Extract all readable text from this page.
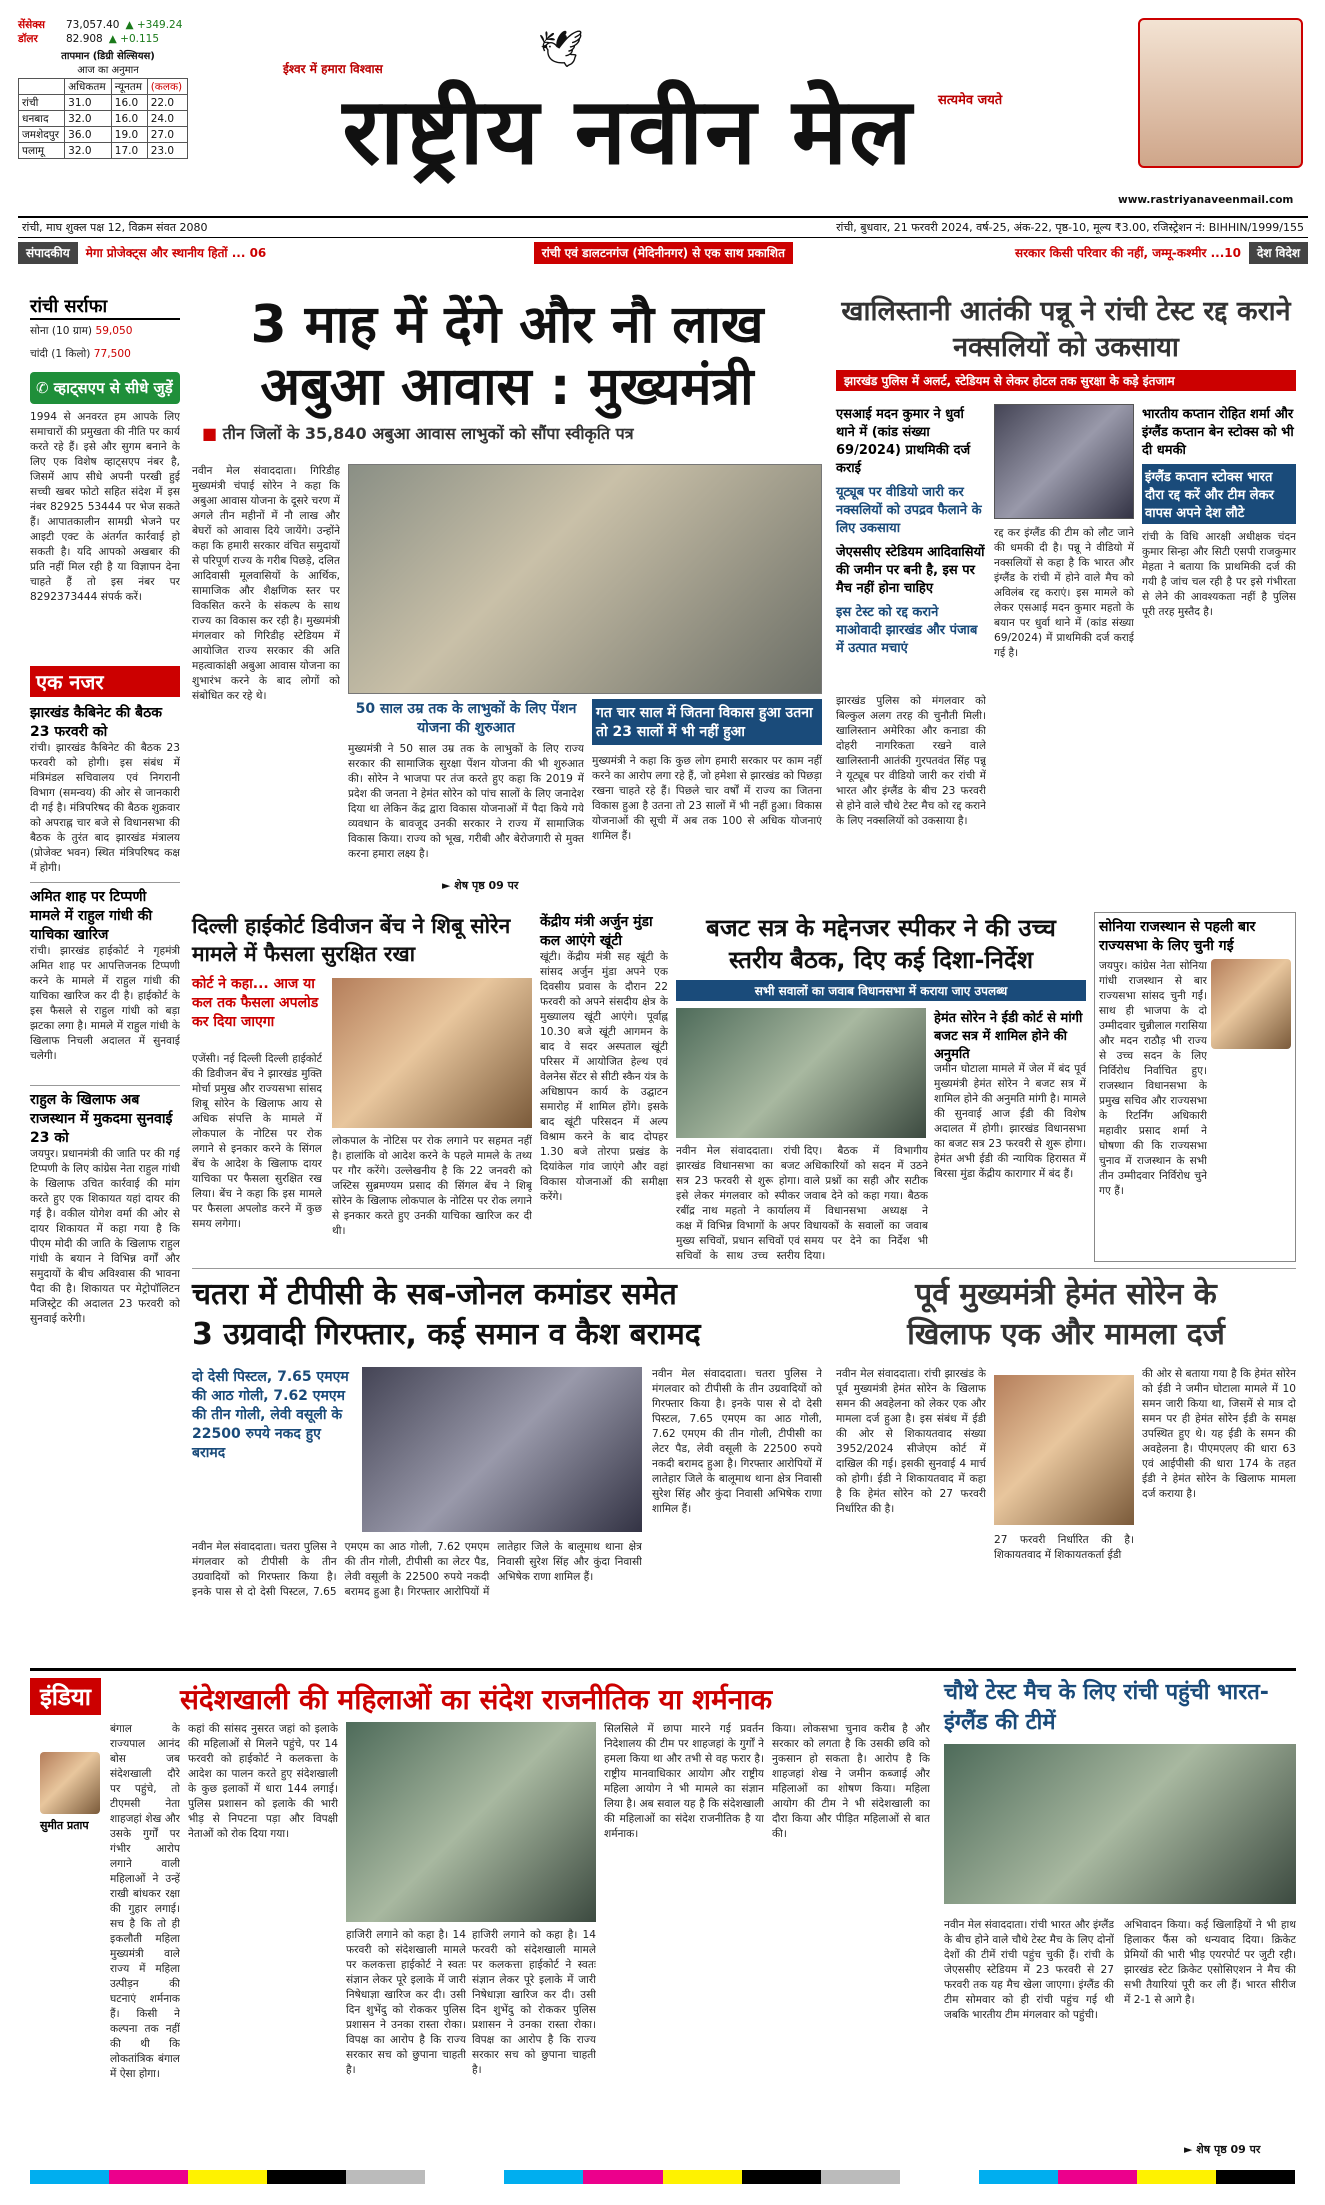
सेंसेक्स	73,057.40 ▲ +349.24
डॉलर	82.908 ▲ +0.115
तापमान (डिग्री सेल्सियस)
आज का अनुमान
	अधिकतम	न्यूनतम	(कलक)
रांची	31.0	16.0	22.0
धनबाद	32.0	16.0	24.0
जमशेदपुर	36.0	19.0	27.0
पलामू	32.0	17.0	23.0
🕊
ईश्वर में हमारा विश्वास
सत्यमेव जयते
राष्ट्रीय नवीन मेल
www.rastriyanaveenmail.com
रांची, माघ शुक्ल पक्ष 12, विक्रम संवत 2080	रांची, बुधवार, 21 फरवरी 2024, वर्ष-25, अंक-22, पृष्ठ-10, मूल्य ₹3.00, रजिस्ट्रेशन नं: BIHHIN/1999/155
संपादकीय	मेगा प्रोजेक्ट्स और स्थानीय हितों ... 06	रांची एवं डालटनगंज (मेदिनीनगर) से एक साथ प्रकाशित	सरकार किसी परिवार की नहीं, जम्मू-कश्मीर ...10	देश विदेश
रांची सर्राफा
सोना (10 ग्राम) 59,050
चांदी (1 किलो) 77,500
✆ व्हाट्सएप से सीधे जुड़ें
1994 से अनवरत हम आपके लिए समाचारों की प्रमुखता की नीति पर कार्य करते रहे हैं। इसे और सुगम बनाने के लिए एक विशेष व्हाट्सएप नंबर है, जिसमें आप सीधे अपनी परखी हुई सच्ची खबर फोटो सहित संदेश में इस नंबर 82925 53444 पर भेज सकते हैं। आपातकालीन सामग्री भेजने पर आइटी एक्ट के अंतर्गत कार्रवाई हो सकती है। यदि आपको अखबार की प्रति नहीं मिल रही है या विज्ञापन देना चाहते हैं तो इस नंबर पर 8292373444 संपर्क करें।
एक नजर
झारखंड कैबिनेट की बैठक 23 फरवरी को
रांची। झारखंड कैबिनेट की बैठक 23 फरवरी को होगी। इस संबंध में मंत्रिमंडल सचिवालय एवं निगरानी विभाग (समन्वय) की ओर से जानकारी दी गई है। मंत्रिपरिषद की बैठक शुक्रवार को अपराह्न चार बजे से विधानसभा की बैठक के तुरंत बाद झारखंड मंत्रालय (प्रोजेक्ट भवन) स्थित मंत्रिपरिषद कक्ष में होगी।
अमित शाह पर टिप्पणी मामले में राहुल गांधी की याचिका खारिज
रांची। झारखंड हाईकोर्ट ने गृहमंत्री अमित शाह पर आपत्तिजनक टिप्पणी करने के मामले में राहुल गांधी की याचिका खारिज कर दी है। हाईकोर्ट के इस फैसले से राहुल गांधी को बड़ा झटका लगा है। मामले में राहुल गांधी के खिलाफ निचली अदालत में सुनवाई चलेगी।
राहुल के खिलाफ अब राजस्थान में मुकदमा सुनवाई 23 को
जयपुर। प्रधानमंत्री की जाति पर की गई टिप्पणी के लिए कांग्रेस नेता राहुल गांधी के खिलाफ उचित कार्रवाई की मांग करते हुए एक शिकायत यहां दायर की गई है। वकील योगेश वर्मा की ओर से दायर शिकायत में कहा गया है कि पीएम मोदी की जाति के खिलाफ राहुल गांधी के बयान ने विभिन्न वर्गों और समुदायों के बीच अविश्वास की भावना पैदा की है। शिकायत पर मेट्रोपॉलिटन मजिस्ट्रेट की अदालत 23 फरवरी को सुनवाई करेगी।
3 माह में देंगे और नौ लाख
अबुआ आवास : मुख्यमंत्री
■ तीन जिलों के 35,840 अबुआ आवास लाभुकों को सौंपा स्वीकृति पत्र
नवीन मेल संवाददाता। गिरिडीह मुख्यमंत्री चंपाई सोरेन ने कहा कि अबुआ आवास योजना के दूसरे चरण में अगले तीन महीनों में नौ लाख और बेघरों को आवास दिये जायेंगे। उन्होंने कहा कि हमारी सरकार वंचित समुदायों से परिपूर्ण राज्य के गरीब पिछड़े, दलित आदिवासी मूलवासियों के आर्थिक, सामाजिक और शैक्षणिक स्तर पर विकसित करने के संकल्प के साथ राज्य का विकास कर रही है। मुख्यमंत्री मंगलवार को गिरिडीह स्टेडियम में आयोजित राज्य सरकार की अति महत्वाकांक्षी अबुआ आवास योजना का शुभारंभ करने के बाद लोगों को संबोधित कर रहे थे।
50 साल उम्र तक के लाभुकों के लिए पेंशन योजना की शुरुआत
गत चार साल में जितना विकास हुआ उतना तो 23 सालों में भी नहीं हुआ
मुख्यमंत्री ने 50 साल उम्र तक के लाभुकों के लिए राज्य सरकार की सामाजिक सुरक्षा पेंशन योजना की भी शुरुआत की। सोरेन ने भाजपा पर तंज करते हुए कहा कि 2019 में प्रदेश की जनता ने हेमंत सोरेन को पांच सालों के लिए जनादेश दिया था लेकिन केंद्र द्वारा विकास योजनाओं में पैदा किये गये व्यवधान के बावजूद उनकी सरकार ने राज्य में सामाजिक विकास किया। राज्य को भूख, गरीबी और बेरोजगारी से मुक्त करना हमारा लक्ष्य है।
मुख्यमंत्री ने कहा कि कुछ लोग हमारी सरकार पर काम नहीं करने का आरोप लगा रहे हैं, जो हमेशा से झारखंड को पिछड़ा रखना चाहते रहे हैं। पिछले चार वर्षों में राज्य का जितना विकास हुआ है उतना तो 23 सालों में भी नहीं हुआ। विकास योजनाओं की सूची में अब तक 100 से अधिक योजनाएं शामिल हैं।
► शेष पृष्ठ 09 पर
खालिस्तानी आतंकी पन्नू ने रांची टेस्ट रद्द कराने नक्सलियों को उकसाया
झारखंड पुलिस में अलर्ट, स्टेडियम से लेकर होटल तक सुरक्षा के कड़े इंतजाम
एसआई मदन कुमार ने धुर्वा थाने में (कांड संख्या 69/2024) प्राथमिकी दर्ज कराई
यूट्यूब पर वीडियो जारी कर नक्सलियों को उपद्रव फैलाने के लिए उकसाया
जेएससीए स्टेडियम आदिवासियों की जमीन पर बनी है, इस पर मैच नहीं होना चाहिए
इस टेस्ट को रद्द कराने माओवादी झारखंड और पंजाब में उत्पात मचाएं
झारखंड पुलिस को मंगलवार को बिल्कुल अलग तरह की चुनौती मिली। खालिस्तान अमेरिका और कनाडा की दोहरी नागरिकता रखने वाले खालिस्तानी आतंकी गुरपतवंत सिंह पन्नू ने यूट्यूब पर वीडियो जारी कर रांची में भारत और इंग्लैंड के बीच 23 फरवरी से होने वाले चौथे टेस्ट मैच को रद्द कराने के लिए नक्सलियों को उकसाया है।
रद्द कर इंग्लैंड की टीम को लौट जाने की धमकी दी है। पन्नू ने वीडियो में नक्सलियों से कहा है कि भारत और इंग्लैंड के रांची में होने वाले मैच को अविलंब रद्द कराएं। इस मामले को लेकर एसआई मदन कुमार महतो के बयान पर धुर्वा थाने में (कांड संख्या 69/2024) में प्राथमिकी दर्ज कराई गई है।
भारतीय कप्तान रोहित शर्मा और इंग्लैंड कप्तान बेन स्टोक्स को भी दी धमकी
इंग्लैंड कप्तान स्टोक्स भारत दौरा रद्द करें और टीम लेकर वापस अपने देश लौटे
रांची के विधि आरक्षी अधीक्षक चंदन कुमार सिन्हा और सिटी एसपी राजकुमार मेहता ने बताया कि प्राथमिकी दर्ज की गयी है जांच चल रही है पर इसे गंभीरता से लेने की आवश्यकता नहीं है पुलिस पूरी तरह मुस्तैद है।
दिल्ली हाईकोर्ट डिवीजन बेंच ने शिबू सोरेन मामले में फैसला सुरक्षित रखा
कोर्ट ने कहा... आज या कल तक फैसला अपलोड कर दिया जाएगा
एजेंसी। नई दिल्ली दिल्ली हाईकोर्ट की डिवीजन बेंच ने झारखंड मुक्ति मोर्चा प्रमुख और राज्यसभा सांसद शिबू सोरेन के खिलाफ आय से अधिक संपत्ति के मामले में लोकपाल के नोटिस पर रोक लगाने से इनकार करने के सिंगल बेंच के आदेश के खिलाफ दायर याचिका पर फैसला सुरक्षित रख लिया। बेंच ने कहा कि इस मामले पर फैसला अपलोड करने में कुछ समय लगेगा।
लोकपाल के नोटिस पर रोक लगाने पर सहमत नहीं है। हालांकि वो आदेश करने के पहले मामले के तथ्य पर गौर करेंगे। उल्लेखनीय है कि 22 जनवरी को जस्टिस सुब्रमण्यम प्रसाद की सिंगल बेंच ने शिबू सोरेन के खिलाफ लोकपाल के नोटिस पर रोक लगाने से इनकार करते हुए उनकी याचिका खारिज कर दी थी।
केंद्रीय मंत्री अर्जुन मुंडा कल आएंगे खूंटी
खूंटी। केंद्रीय मंत्री सह खूंटी के सांसद अर्जुन मुंडा अपने एक दिवसीय प्रवास के दौरान 22 फरवरी को अपने संसदीय क्षेत्र के मुख्यालय खूंटी आएंगे। पूर्वाह्न 10.30 बजे खूंटी आगमन के बाद वे सदर अस्पताल खूंटी परिसर में आयोजित हेल्थ एवं वेलनेस सेंटर से सीटी स्कैन यंत्र के अधिष्ठापन कार्य के उद्घाटन समारोह में शामिल होंगे। इसके बाद खूंटी परिसदन में अल्प विश्राम करने के बाद दोपहर 1.30 बजे तोरपा प्रखंड के दियांकेल गांव जाएंगे और वहां विकास योजनाओं की समीक्षा करेंगे।
बजट सत्र के मद्देनजर स्पीकर ने की उच्च स्तरीय बैठक, दिए कई दिशा-निर्देश
सभी सवालों का जवाब विधानसभा में कराया जाए उपलब्ध
नवीन मेल संवाददाता। रांची झारखंड विधानसभा का बजट सत्र 23 फरवरी से शुरू होगा। इसे लेकर मंगलवार को स्पीकर रबींद्र नाथ महतो ने कार्यालय कक्ष में विभिन्न विभागों के अपर मुख्य सचिवों, प्रधान सचिवों एवं सचिवों के साथ उच्च स्तरीय
दिए। बैठक में विभागीय अधिकारियों को सदन में उठने वाले प्रश्नों का सही और सटीक जवाब देने को कहा गया। बैठक में विधानसभा अध्यक्ष ने विधायकों के सवालों का जवाब समय पर देने का निर्देश भी दिया।
हेमंत सोरेन ने ईडी कोर्ट से मांगी बजट सत्र में शामिल होने की अनुमति
जमीन घोटाला मामले में जेल में बंद पूर्व मुख्यमंत्री हेमंत सोरेन ने बजट सत्र में शामिल होने की अनुमति मांगी है। मामले की सुनवाई आज ईडी की विशेष अदालत में होगी। झारखंड विधानसभा का बजट सत्र 23 फरवरी से शुरू होगा। हेमंत अभी ईडी की न्यायिक हिरासत में बिरसा मुंडा केंद्रीय कारागार में बंद हैं।
सोनिया राजस्थान से पहली बार राज्यसभा के लिए चुनी गई
जयपुर। कांग्रेस नेता सोनिया गांधी राजस्थान से बार राज्यसभा सांसद चुनी गईं। साथ ही भाजपा के दो उम्मीदवार चुन्नीलाल गरासिया और मदन राठौड़ भी राज्य से उच्च सदन के लिए निर्विरोध निर्वाचित हुए। राजस्थान विधानसभा के प्रमुख सचिव और राज्यसभा के रिटर्निंग अधिकारी महावीर प्रसाद शर्मा ने घोषणा की कि राज्यसभा चुनाव में राजस्थान के सभी तीन उम्मीदवार निर्विरोध चुने गए हैं।
चतरा में टीपीसी के सब-जोनल कमांडर समेत
3 उग्रवादी गिरफ्तार, कई समान व कैश बरामद
दो देसी पिस्टल, 7.65 एमएम की आठ गोली, 7.62 एमएम की तीन गोली, लेवी वसूली के 22500 रुपये नकद हुए बरामद
नवीन मेल संवाददाता। चतरा पुलिस ने मंगलवार को टीपीसी के तीन उग्रवादियों को गिरफ्तार किया है। इनके पास से दो देसी पिस्टल, 7.65 एमएम का आठ गोली, 7.62 एमएम की तीन गोली, टीपीसी का लेटर पैड, लेवी वसूली के 22500 रुपये नकदी बरामद हुआ है। गिरफ्तार आरोपियों में लातेहार जिले के बालूमाथ थाना क्षेत्र निवासी सुरेश सिंह और कुंदा निवासी अभिषेक राणा शामिल हैं।
नवीन मेल संवाददाता। चतरा पुलिस ने मंगलवार को टीपीसी के तीन उग्रवादियों को गिरफ्तार किया है। इनके पास से दो देसी पिस्टल, 7.65 एमएम का आठ गोली, 7.62 एमएम की तीन गोली, टीपीसी का लेटर पैड, लेवी वसूली के 22500 रुपये नकदी बरामद हुआ है। गिरफ्तार आरोपियों में लातेहार जिले के बालूमाथ थाना क्षेत्र निवासी सुरेश सिंह और कुंदा निवासी अभिषेक राणा शामिल हैं।
पूर्व मुख्यमंत्री हेमंत सोरेन के
खिलाफ एक और मामला दर्ज
नवीन मेल संवाददाता। रांची झारखंड के पूर्व मुख्यमंत्री हेमंत सोरेन के खिलाफ समन की अवहेलना को लेकर एक और मामला दर्ज हुआ है। इस संबंध में ईडी की ओर से शिकायतवाद संख्या 3952/2024 सीजेएम कोर्ट में दाखिल की गई। इसकी सुनवाई 4 मार्च को होगी। ईडी ने शिकायतवाद में कहा है कि हेमंत सोरेन को 27 फरवरी निर्धारित की है।
27 फरवरी निर्धारित की है। शिकायतवाद में शिकायतकर्ता ईडी
की ओर से बताया गया है कि हेमंत सोरेन को ईडी ने जमीन घोटाला मामले में 10 समन जारी किया था, जिसमें से मात्र दो समन पर ही हेमंत सोरेन ईडी के समक्ष उपस्थित हुए थे। यह ईडी के समन की अवहेलना है। पीएमएलए की धारा 63 एवं आईपीसी की धारा 174 के तहत ईडी ने हेमंत सोरेन के खिलाफ मामला दर्ज कराया है।
इंडिया	संदेशखाली की महिलाओं का संदेश राजनीतिक या शर्मनाक
सुमीत प्रताप
बंगाल के राज्यपाल आनंद बोस जब संदेशखाली दौरे पर पहुंचे, तो टीएमसी नेता शाहजहां शेख और उसके गुर्गों पर गंभीर आरोप लगाने वाली महिलाओं ने उन्हें राखी बांधकर रक्षा की गुहार लगाई। सच है कि तो ही इकलौती महिला मुख्यमंत्री वाले राज्य में महिला उत्पीड़न की घटनाएं शर्मनाक हैं। किसी ने कल्पना तक नहीं की थी कि लोकतांत्रिक बंगाल में ऐसा होगा।
कहां की सांसद नुसरत जहां को इलाके की महिलाओं से मिलने पहुंचे, पर 14 फरवरी को हाईकोर्ट ने कलकत्ता के आदेश का पालन करते हुए संदेशखाली के कुछ इलाकों में धारा 144 लगाई। पुलिस प्रशासन को इलाके की भारी भीड़ से निपटना पड़ा और विपक्षी नेताओं को रोक दिया गया।
हाजिरी लगाने को कहा है। 14 फरवरी को संदेशखाली मामले पर कलकत्ता हाईकोर्ट ने स्वतः संज्ञान लेकर पूरे इलाके में जारी निषेधाज्ञा खारिज कर दी। उसी दिन शुभेंदु को रोककर पुलिस प्रशासन ने उनका रास्ता रोका। विपक्ष का आरोप है कि राज्य सरकार सच को छुपाना चाहती है।
हाजिरी लगाने को कहा है। 14 फरवरी को संदेशखाली मामले पर कलकत्ता हाईकोर्ट ने स्वतः संज्ञान लेकर पूरे इलाके में जारी निषेधाज्ञा खारिज कर दी। उसी दिन शुभेंदु को रोककर पुलिस प्रशासन ने उनका रास्ता रोका। विपक्ष का आरोप है कि राज्य सरकार सच को छुपाना चाहती है।
सिलसिले में छापा मारने गई प्रवर्तन निदेशालय की टीम पर शाहजहां के गुर्गों ने हमला किया था और तभी से वह फरार है। राष्ट्रीय मानवाधिकार आयोग और राष्ट्रीय महिला आयोग ने भी मामले का संज्ञान लिया है। अब सवाल यह है कि संदेशखाली की महिलाओं का संदेश राजनीतिक है या शर्मनाक।
किया। लोकसभा चुनाव करीब है और सरकार को लगता है कि उसकी छवि को नुकसान हो सकता है। आरोप है कि शाहजहां शेख ने जमीन कब्जाई और महिलाओं का शोषण किया। महिला आयोग की टीम ने भी संदेशखाली का दौरा किया और पीड़ित महिलाओं से बात की।
चौथे टेस्ट मैच के लिए रांची पहुंची भारत-इंग्लैंड की टीमें
नवीन मेल संवाददाता। रांची भारत और इंग्लैंड के बीच होने वाले चौथे टेस्ट मैच के लिए दोनों देशों की टीमें रांची पहुंच चुकी हैं। रांची के जेएससीए स्टेडियम में 23 फरवरी से 27 फरवरी तक यह मैच खेला जाएगा। इंग्लैंड की टीम सोमवार को ही रांची पहुंच गई थी जबकि भारतीय टीम मंगलवार को पहुंची।
अभिवादन किया। कई खिलाड़ियों ने भी हाथ हिलाकर फैंस को धन्यवाद दिया। क्रिकेट प्रेमियों की भारी भीड़ एयरपोर्ट पर जुटी रही। झारखंड स्टेट क्रिकेट एसोसिएशन ने मैच की सभी तैयारियां पूरी कर ली हैं। भारत सीरीज में 2-1 से आगे है।
► शेष पृष्ठ 09 पर
